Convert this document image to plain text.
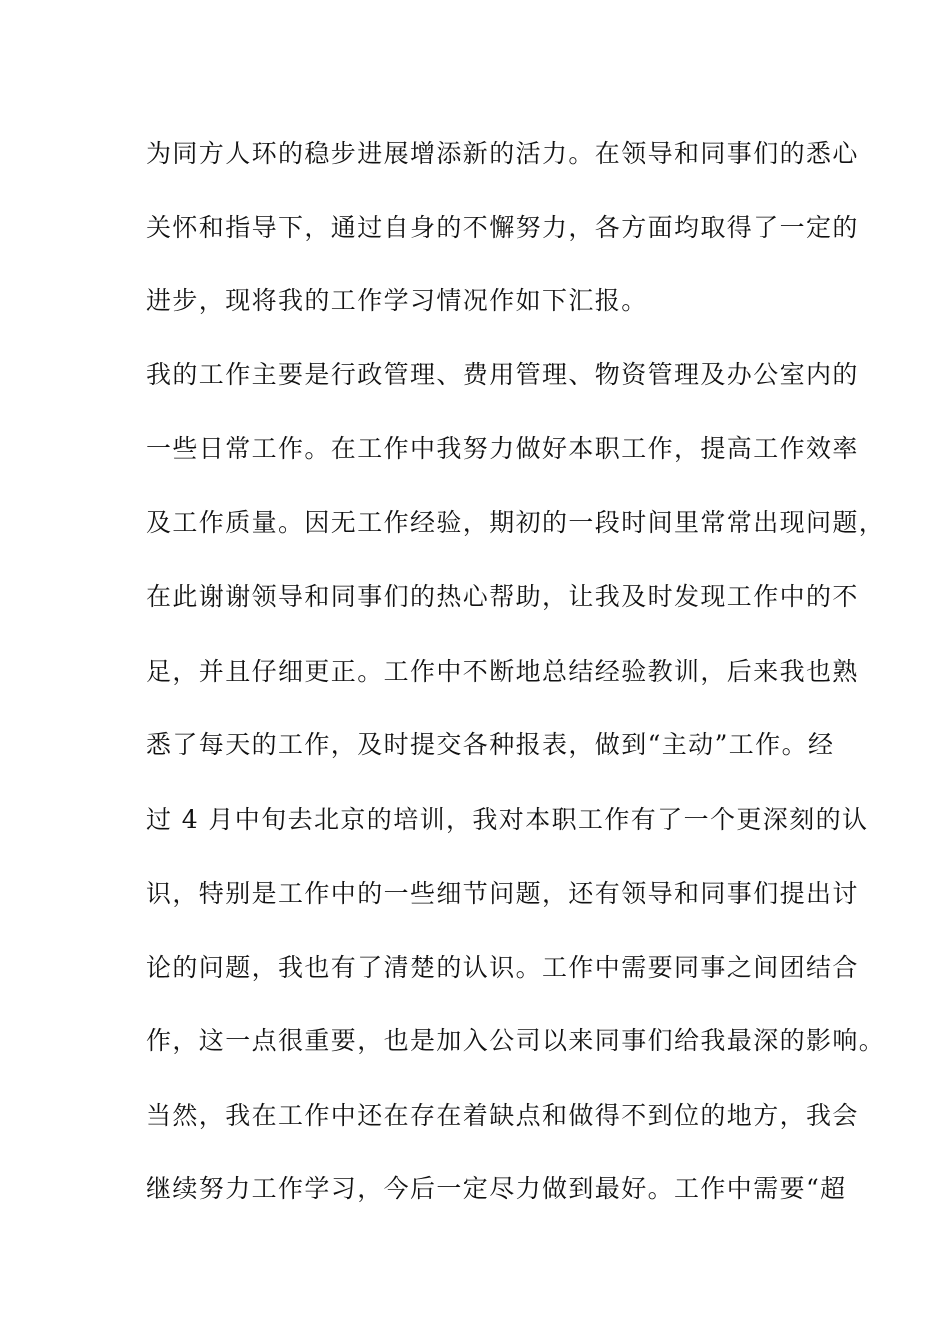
为同方人环的稳步进展增添新的活力。在领导和同事们的悉心
关怀和指导下，通过自身的不懈努力，各方面均取得了一定的
进步，现将我的工作学习情况作如下汇报。
我的工作主要是行政管理、费用管理、物资管理及办公室内的
一些日常工作。在工作中我努力做好本职工作，提高工作效率
及工作质量。因无工作经验，期初的一段时间里常常出现问题，
在此谢谢领导和同事们的热心帮助，让我及时发现工作中的不
足，并且仔细更正。工作中不断地总结经验教训，后来我也熟
悉了每天的工作，及时提交各种报表，做到“主动”工作。经
过 4 月中旬去北京的培训，我对本职工作有了一个更深刻的认
识，特别是工作中的一些细节问题，还有领导和同事们提出讨
论的问题，我也有了清楚的认识。工作中需要同事之间团结合
作，这一点很重要，也是加入公司以来同事们给我最深的影响。
当然，我在工作中还在存在着缺点和做得不到位的地方，我会
继续努力工作学习，今后一定尽力做到最好。工作中需要“超
